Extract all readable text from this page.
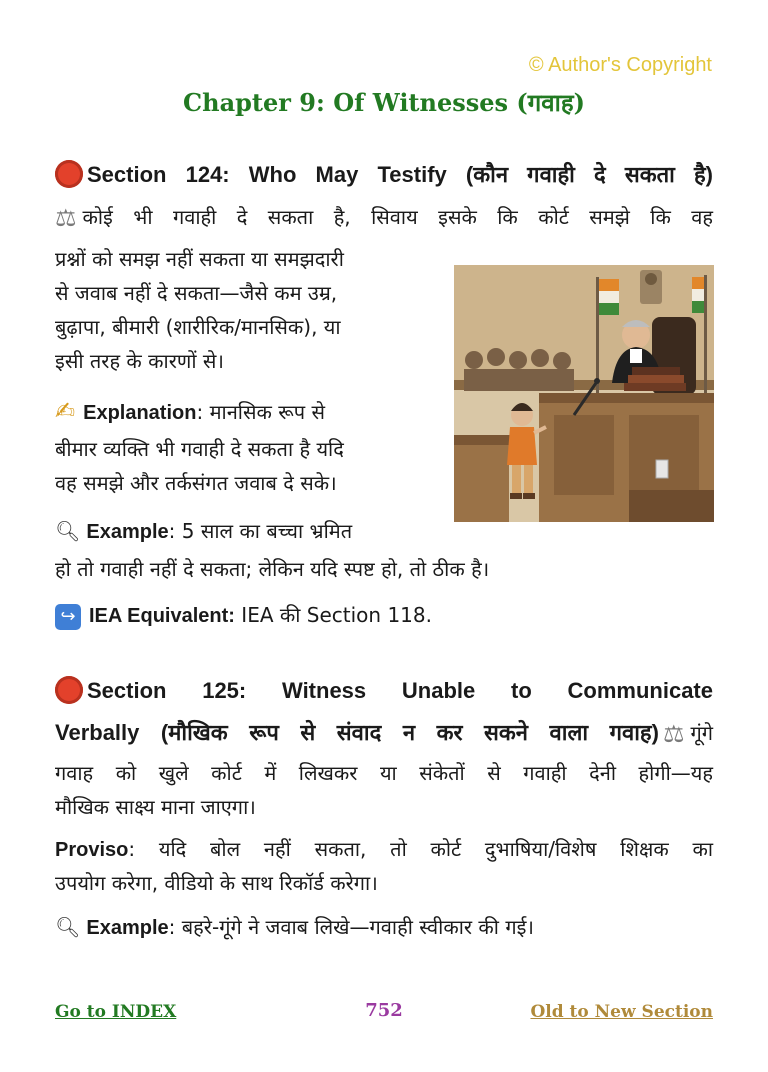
© Author's Copyright
Chapter 9: Of Witnesses (गवाह)
Section 124: Who May Testify (कौन गवाही दे सकता है)
⚖ कोई भी गवाही दे सकता है, सिवाय इसके कि कोर्ट समझे कि वह
प्रश्नों को समझ नहीं सकता या समझदारी
से जवाब नहीं दे सकता—जैसे कम उम्र,
बुढ़ापा, बीमारी (शारीरिक/मानसिक), या
इसी तरह के कारणों से।
✍ Explanation: मानसिक रूप से
बीमार व्यक्ति भी गवाही दे सकता है यदि
वह समझे और तर्कसंगत जवाब दे सके।
🔍︎ Example: 5 साल का बच्चा भ्रमित
हो तो गवाही नहीं दे सकता; लेकिन यदि स्पष्ट हो, तो ठीक है।
↪ IEA Equivalent: IEA की Section 118.
Section 125: Witness Unable to Communicate
Verbally (मौखिक रूप से संवाद न कर सकने वाला गवाह) ⚖ गूंगे
गवाह को खुले कोर्ट में लिखकर या संकेतों से गवाही देनी होगी—यह
मौखिक साक्ष्य माना जाएगा।
Proviso: यदि बोल नहीं सकता, तो कोर्ट दुभाषिया/विशेष शिक्षक का
उपयोग करेगा, वीडियो के साथ रिकॉर्ड करेगा।
🔍︎ Example: बहरे-गूंगे ने जवाब लिखे—गवाही स्वीकार की गई।
Go to INDEX	752	Old to New Section
